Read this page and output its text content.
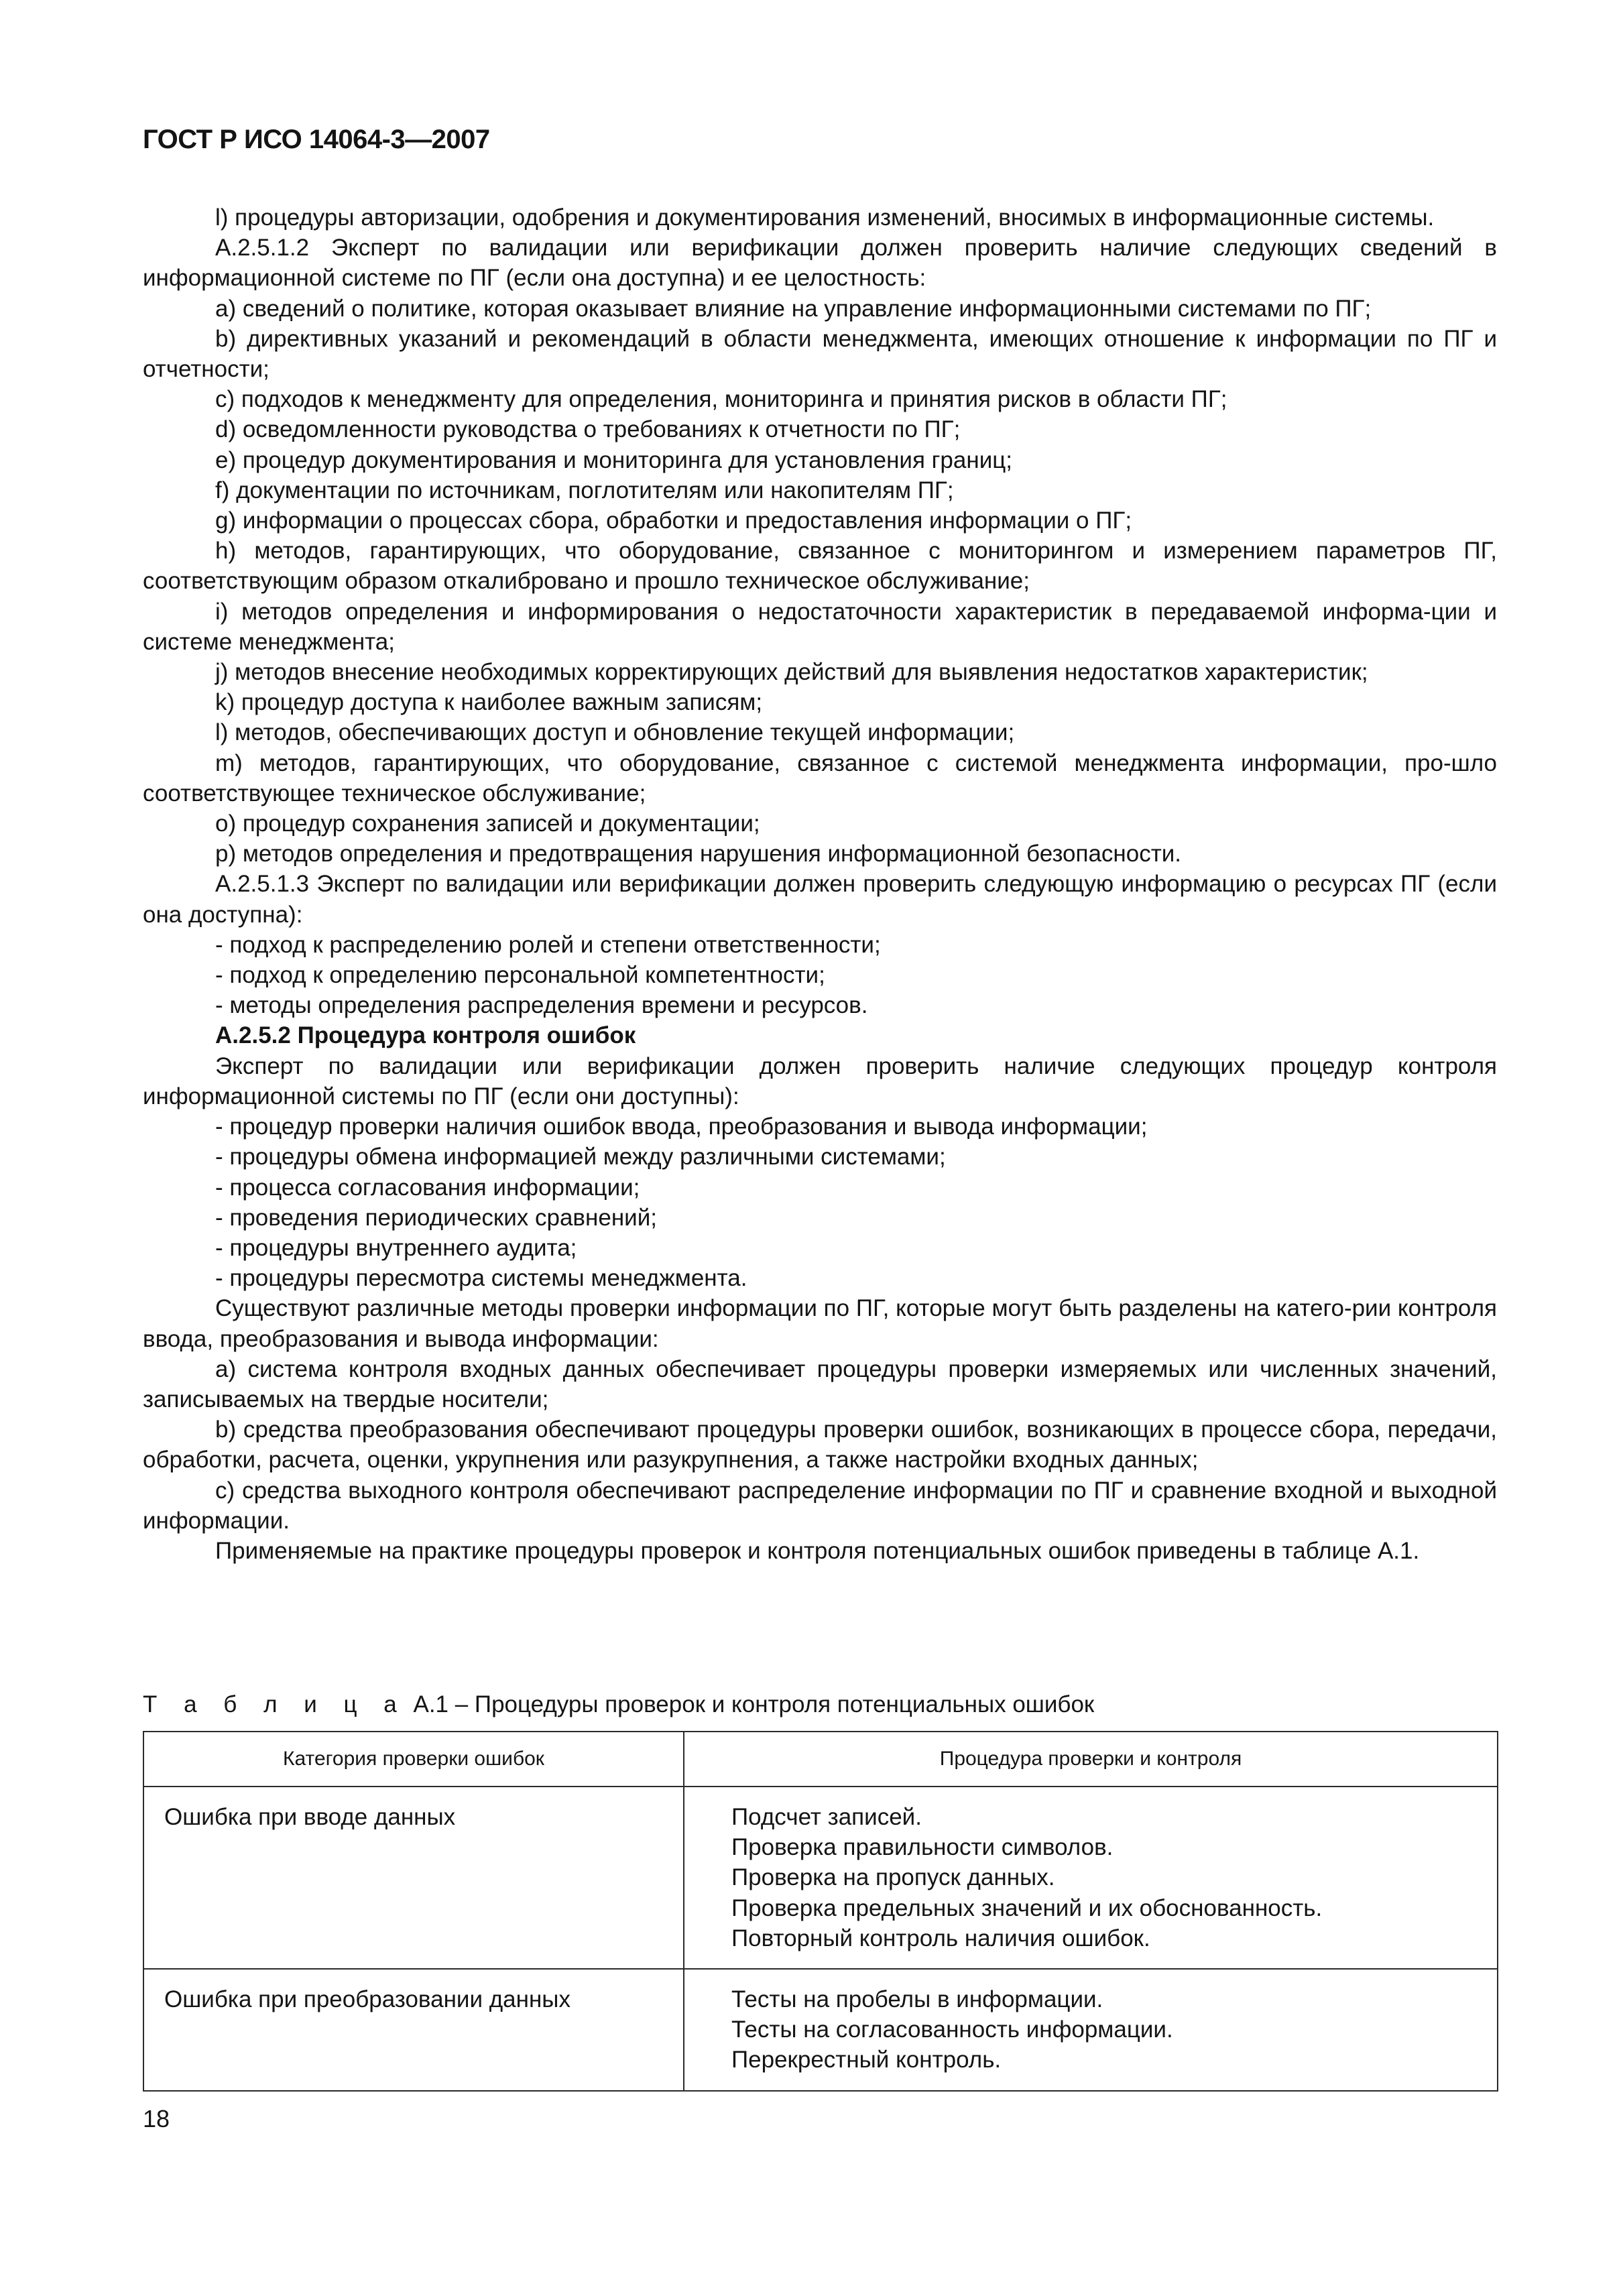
ГОСТ Р ИСО 14064-3—2007

l) процедуры авторизации, одобрения и документирования изменений, вносимых в информационные системы.

А.2.5.1.2 Эксперт по валидации или верификации должен проверить наличие следующих сведений в информационной системе по ПГ (если она доступна) и ее целостность:

a) сведений о политике, которая оказывает влияние на управление информационными системами по ПГ;

b) директивных указаний и рекомендаций в области менеджмента, имеющих отношение к информации по ПГ и отчетности;

c) подходов к менеджменту для определения, мониторинга и принятия рисков в области ПГ;

d) осведомленности руководства о требованиях к отчетности по ПГ;

e) процедур документирования и мониторинга для установления границ;

f) документации по источникам, поглотителям или накопителям ПГ;

g) информации о процессах сбора, обработки и предоставления информации о ПГ;

h) методов, гарантирующих, что оборудование, связанное с мониторингом и измерением параметров ПГ, соответствующим образом откалибровано и прошло техническое обслуживание;

i) методов определения и информирования о недостаточности характеристик в передаваемой информа-ции и системе менеджмента;

j) методов внесение необходимых корректирующих действий для выявления недостатков характеристик;

k) процедур доступа к наиболее важным записям;

l) методов, обеспечивающих доступ и обновление текущей информации;

m) методов, гарантирующих, что оборудование, связанное с системой менеджмента информации, про-шло соответствующее техническое обслуживание;

o) процедур сохранения записей и документации;

p) методов определения и предотвращения нарушения информационной безопасности.

А.2.5.1.3 Эксперт по валидации или верификации должен проверить следующую информацию о ресурсах ПГ (если она доступна):

- подход к распределению ролей и степени ответственности;

- подход к определению персональной компетентности;

- методы определения распределения времени и ресурсов.

А.2.5.2 Процедура контроля ошибок

Эксперт по валидации или верификации должен проверить наличие следующих процедур контроля информационной системы по ПГ (если они доступны):

- процедур проверки наличия ошибок ввода, преобразования и вывода информации;

- процедуры обмена информацией между различными системами;

- процесса согласования информации;

- проведения периодических сравнений;

- процедуры внутреннего аудита;

- процедуры пересмотра системы менеджмента.

Существуют различные методы проверки информации по ПГ, которые могут быть разделены на катего-рии контроля ввода, преобразования и вывода информации:

a) система контроля входных данных обеспечивает процедуры проверки измеряемых или численных значений, записываемых на твердые носители;

b) средства преобразования обеспечивают процедуры проверки ошибок, возникающих в процессе сбора, передачи, обработки, расчета, оценки, укрупнения или разукрупнения, а также настройки входных данных;

c) средства выходного контроля обеспечивают распределение информации по ПГ и сравнение входной и выходной информации.

Применяемые на практике процедуры проверок и контроля потенциальных ошибок приведены в таблице А.1.

Т а б л и ц а А.1 – Процедуры проверок и контроля потенциальных ошибок
Категория проверки ошибок	Процедура проверки и контроля
Ошибка при вводе данных	Подсчет записей.
Проверка правильности символов.
Проверка на пропуск данных.
Проверка предельных значений и их обоснованность.
Повторный контроль наличия ошибок.

Ошибка при преобразовании данных	Тесты на пробелы в информации.
Тесты на согласованность информации.
Перекрестный контроль.
18
